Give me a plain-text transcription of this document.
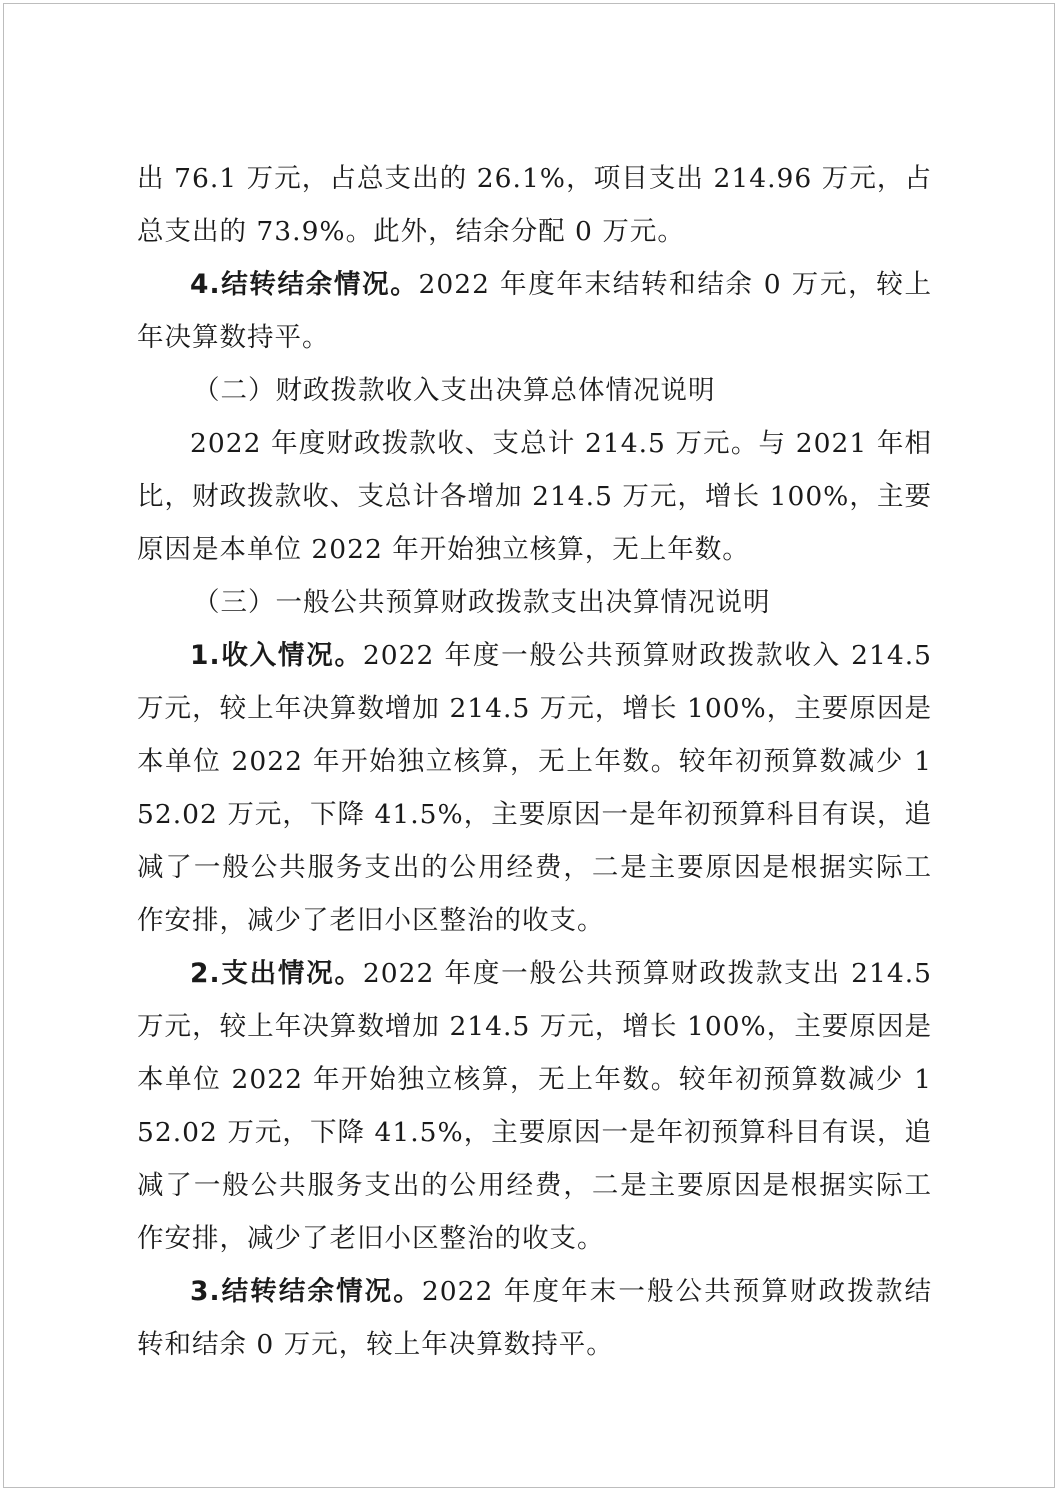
出 76.1 万元，占总支出的 26.1%，项目支出 214.96 万元，占总支出的 73.9%。此外，结余分配 0 万元。

4.结转结余情况。2022 年度年末结转和结余 0 万元，较上年决算数持平。

（二）财政拨款收入支出决算总体情况说明

2022 年度财政拨款收、支总计 214.5 万元。与 2021 年相比，财政拨款收、支总计各增加 214.5 万元，增长 100%，主要原因是本单位 2022 年开始独立核算，无上年数。

（三）一般公共预算财政拨款支出决算情况说明

1.收入情况。2022 年度一般公共预算财政拨款收入 214.5 万元，较上年决算数增加 214.5 万元，增长 100%，主要原因是本单位 2022 年开始独立核算，无上年数。较年初预算数减少 152.02 万元，下降 41.5%，主要原因一是年初预算科目有误，追减了一般公共服务支出的公用经费，二是主要原因是根据实际工作安排，减少了老旧小区整治的收支。

2.支出情况。2022 年度一般公共预算财政拨款支出 214.5 万元，较上年决算数增加 214.5 万元，增长 100%，主要原因是本单位 2022 年开始独立核算，无上年数。较年初预算数减少 152.02 万元，下降 41.5%，主要原因一是年初预算科目有误，追减了一般公共服务支出的公用经费，二是主要原因是根据实际工作安排，减少了老旧小区整治的收支。

3.结转结余情况。2022 年度年末一般公共预算财政拨款结转和结余 0 万元，较上年决算数持平。
